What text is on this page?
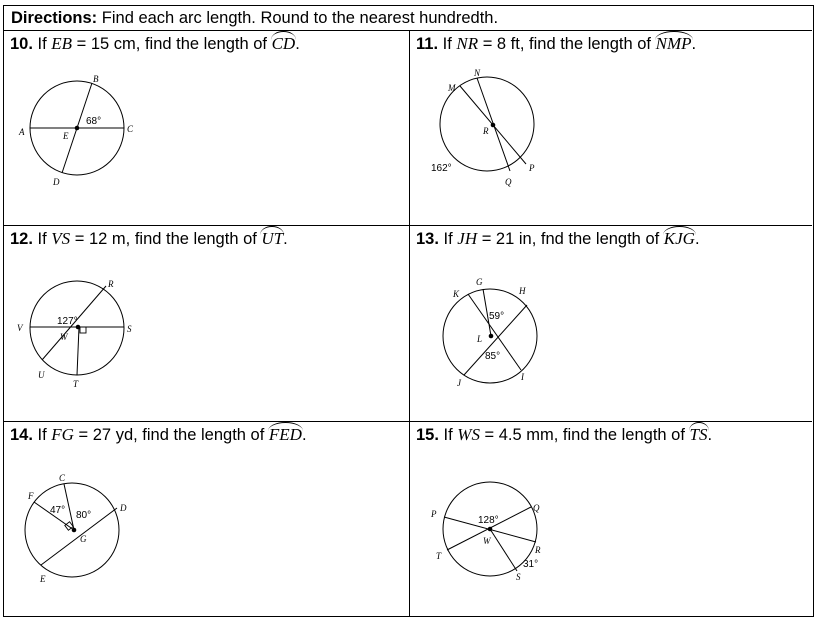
Directions: Find each arc length. Round to the nearest hundredth.
10. If EB = 15 cm, find the length of CD.
A
B
C
D
E
68°
11. If NR = 8 ft, find the length of NMP.
M
N
R
P
Q
162°
12. If VS = 12 m, find the length of UT.
R
V
W
S
U
T
127°
13. If JH = 21 in, fnd the length of KJG.
G
K	H
L
J
I
59°
85°
14. If FG = 27 yd, find the length of FED.
C
F
D
G
E
47° 80°
15. If WS = 4.5 mm, find the length of TS.
P
Q
W
T
R
S
128°
31°
